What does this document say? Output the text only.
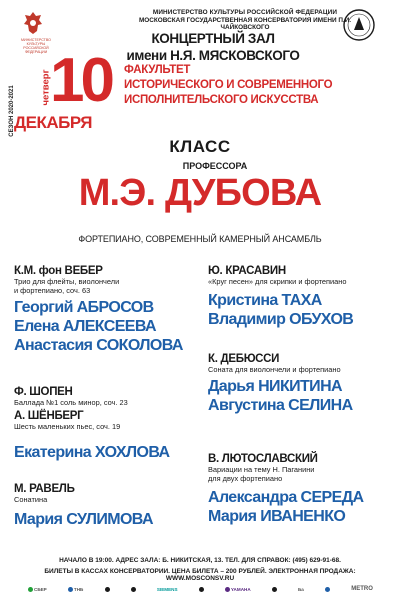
СЕЗОН 2020-2021
МИНИСТЕРСТВО КУЛЬТУРЫ РОССИЙСКОЙ ФЕДЕРАЦИИ
МИНИСТЕРСТВО КУЛЬТУРЫ РОССИЙСКОЙ ФЕДЕРАЦИИ
МОСКОВСКАЯ ГОСУДАРСТВЕННАЯ КОНСЕРВАТОРИЯ ИМЕНИ П.И. ЧАЙКОВСКОГО
КОНЦЕРТНЫЙ ЗАЛ
имени Н.Я. МЯСКОВСКОГО
ФАКУЛЬТЕТ
ИСТОРИЧЕСКОГО И СОВРЕМЕННОГО
ИСПОЛНИТЕЛЬСКОГО ИСКУССТВА
четверг
10
ДЕКАБРЯ
КЛАСС
ПРОФЕССОРА
М.Э. ДУБОВА
ФОРТЕПИАНО, СОВРЕМЕННЫЙ КАМЕРНЫЙ АНСАМБЛЬ
К.М. фон ВЕБЕР
Трио для флейты, виолончели
и фортепиано, соч. 63
Георгий АБРОСОВ
Елена АЛЕКСЕЕВА
Анастасия СОКОЛОВА
Ф. ШОПЕН
Баллада №1 соль минор, соч. 23
А. ШЁНБЕРГ
Шесть маленьких пьес, соч. 19
Екатерина ХОХЛОВА
М. РАВЕЛЬ
Сонатина
Мария СУЛИМОВА
Ю. КРАСАВИН
«Круг песен» для скрипки и фортепиано
Кристина ТАХА
Владимир ОБУХОВ
К. ДЕБЮССИ
Соната для виолончели и фортепиано
Дарья НИКИТИНА
Августина СЕЛИНА
В. ЛЮТОСЛАВСКИЙ
Вариации на тему Н. Паганини
для двух фортепиано
Александра СЕРЕДА
Мария ИВАНЕНКО
НАЧАЛО В 19:00. АДРЕС ЗАЛА: Б. НИКИТСКАЯ, 13. ТЕЛ. ДЛЯ СПРАВОК: (495) 629-91-68.
БИЛЕТЫ В КАССАХ КОНСЕРВАТОРИИ. ЦЕНА БИЛЕТА – 200 РУБЛЕЙ. ЭЛЕКТРОННАЯ ПРОДАЖА: WWW.MOSCONSV.RU
СБЕР	ТНБ	SIEMENS	YAMAHA	Ба	METRO
